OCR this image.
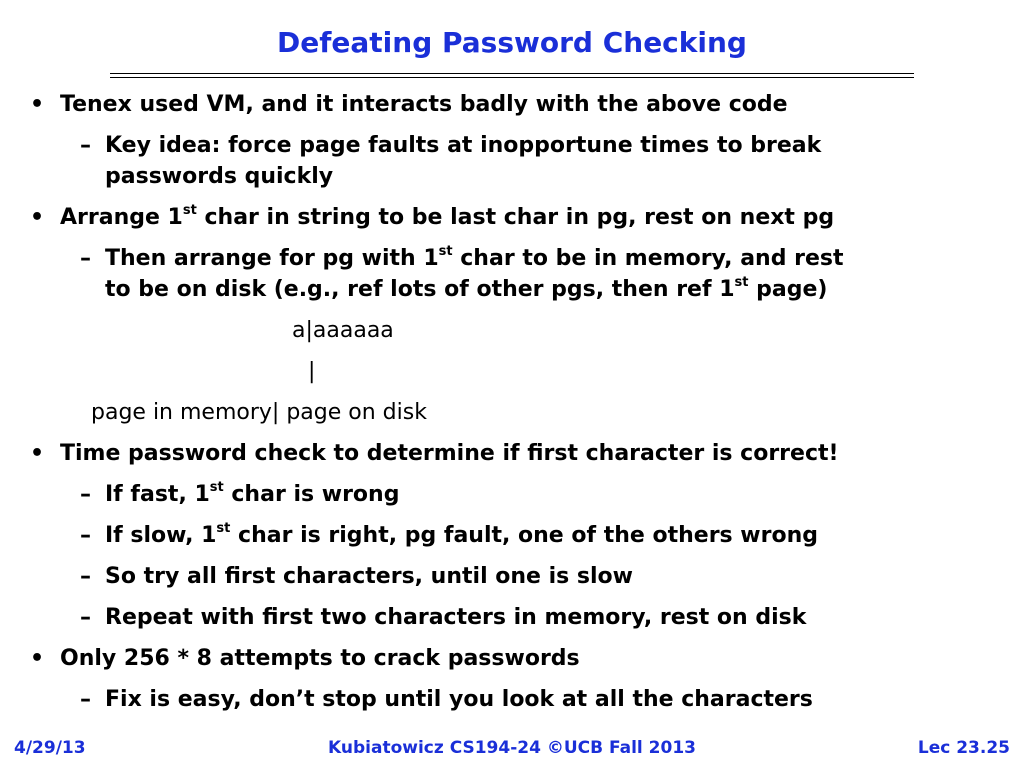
Defeating Password Checking
• Tenex used VM, and it interacts badly with the above code
– Key idea: force page faults at inopportune times to break
passwords quickly
• Arrange 1st char in string to be last char in pg, rest on next pg
– Then arrange for pg with 1st char to be in memory, and rest
to be on disk (e.g., ref lots of other pgs, then ref 1st page)
a|aaaaaa
|
page in memory| page on disk
• Time password check to determine if first character is correct!
– If fast, 1st char is wrong
– If slow, 1st char is right, pg fault, one of the others wrong
– So try all first characters, until one is slow
– Repeat with first two characters in memory, rest on disk
• Only 256 * 8 attempts to crack passwords
– Fix is easy, don’t stop until you look at all the characters
4/29/13	Kubiatowicz CS194-24 ©UCB Fall 2013	Lec 23.25
